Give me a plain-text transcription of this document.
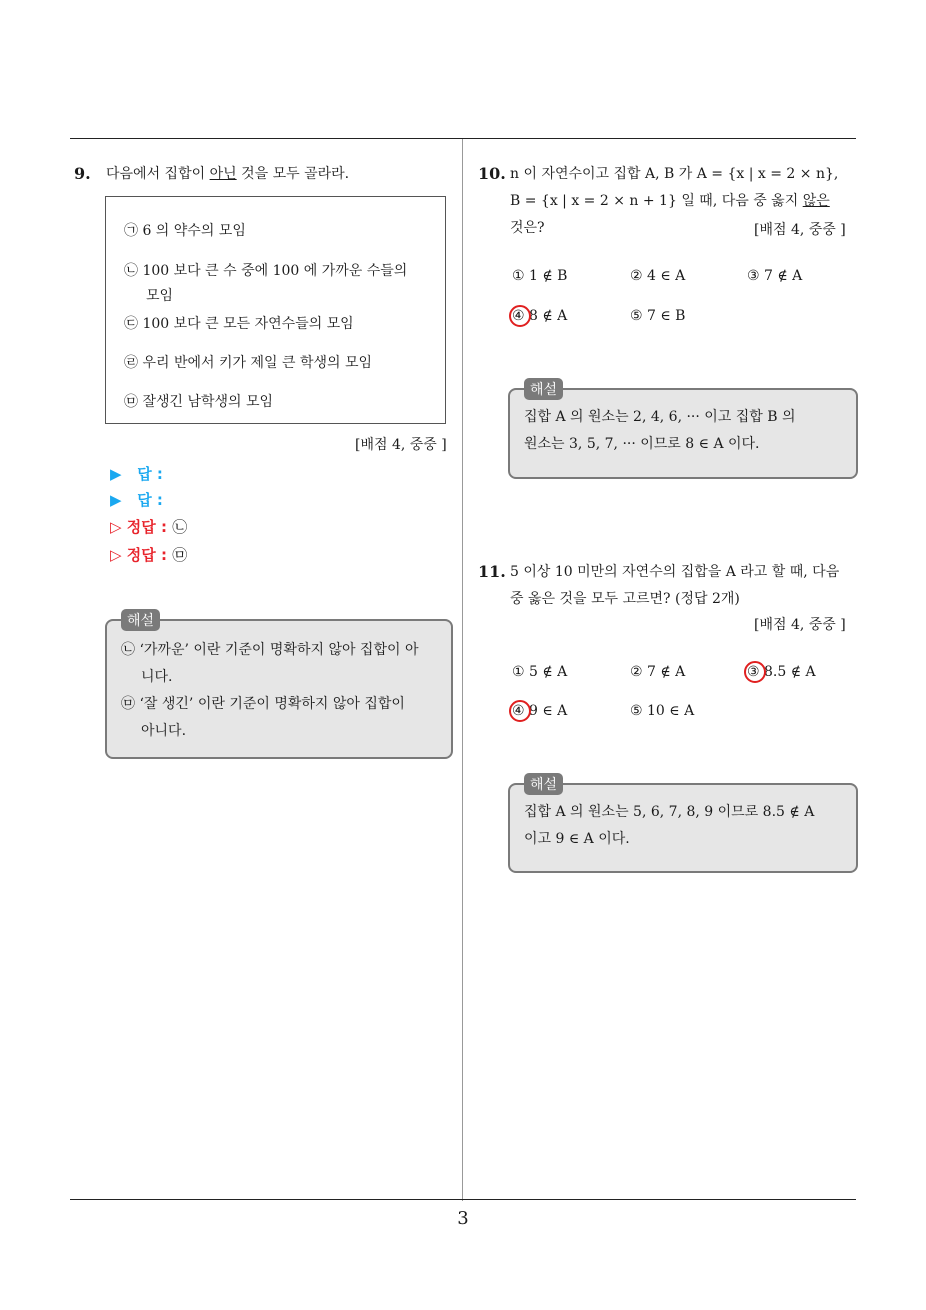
9. 다음에서 집합이 아닌 것을 모두 골라라.
㉠ 6 의 약수의 모임
㉡ 100 보다 큰 수 중에 100 에 가까운 수들의
모임
㉢ 100 보다 큰 모든 자연수들의 모임
㉣ 우리 반에서 키가 제일 큰 학생의 모임
㉤ 잘생긴 남학생의 모임
[배점 4, 중중 ]
▶ 답 :
▶ 답 :
▷ 정답 : ㉡
▷ 정답 : ㉤
해설
㉡ ‘가까운’ 이란 기준이 명확하지 않아 집합이 아
니다.
㉤ ‘잘 생긴’ 이란 기준이 명확하지 않아 집합이
아니다.
10. n 이 자연수이고 집합 A, B 가 A = {x | x = 2 × n},
B = {x | x = 2 × n + 1} 일 때, 다음 중 옳지 않은
것은?	[배점 4, 중중 ]
① 1 ∉ B	② 4 ∈ A	③ 7 ∉ A
④ 8 ∉ A	⑤ 7 ∈ B
해설
집합 A 의 원소는 2, 4, 6, ··· 이고 집합 B 의
원소는 3, 5, 7, ··· 이므로 8 ∈ A 이다.
11. 5 이상 10 미만의 자연수의 집합을 A 라고 할 때, 다음
중 옳은 것을 모두 고르면? (정답 2개)
[배점 4, 중중 ]
① 5 ∉ A	② 7 ∉ A	③ 8.5 ∉ A
④ 9 ∈ A	⑤ 10 ∈ A
해설
집합 A 의 원소는 5, 6, 7, 8, 9 이므로 8.5 ∉ A
이고 9 ∈ A 이다.
3
